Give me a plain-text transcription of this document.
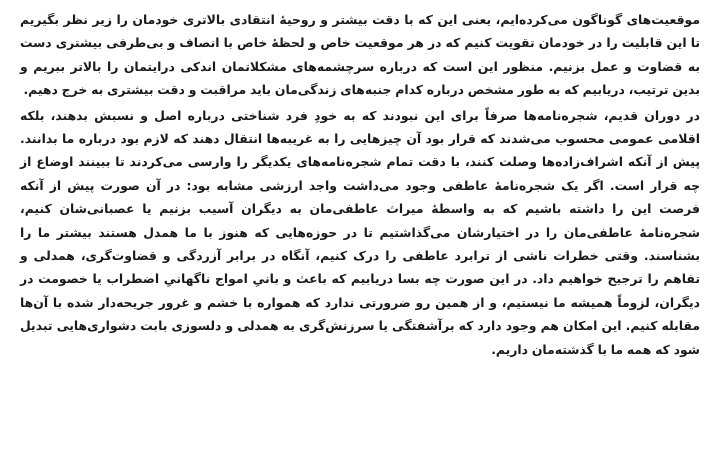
موقعیت‌های گوناگون می‌کرده‌ایم، یعنی این که با دقت بیشتر و روحیهٔ انتقادی بالاتری خودمان را زیر نظر بگیریم تا این قابلیت را در خودمان تقویت کنیم که در هر موقعیت خاص و لحظهٔ خاص با انصاف و بی‌طرفی بیشتری دست به قضاوت و عمل بزنیم. منظور این است که درباره سرچشمه‌های مشکلاتمان اندکی درایتمان را بالاتر ببریم و بدین ترتیب، دریابیم که به طور مشخص درباره کدام جنبه‌های زندگی‌مان باید مراقبت و دقت بیشتری به خرج دهیم.

در دوران قدیم، شجره‌نامه‌ها صرفاً برای این نبودند که به خودِ فرد شناختی درباره اصل و نسبش بدهند، بلکه اقلامی عمومی محسوب می‌شدند که قرار بود آن چیزهایی را به غریبه‌ها انتقال دهند که لازم بود درباره ما بدانند. پیش از آنکه اشراف‌زاده‌ها وصلت کنند، با دقت تمام شجره‌نامه‌های یکدیگر را وارسی می‌کردند تا ببینند اوضاع از چه قرار است. اگر یک شجره‌نامهٔ عاطفی وجود می‌داشت واجد ارزشی مشابه بود: در آن صورت پیش از آنکه فرصت این را داشته باشیم که به واسطهٔ میراث عاطفی‌مان به دیگران آسیب بزنیم یا عصبانی‌شان کنیم، شجره‌نامهٔ عاطفی‌مان را در اختیارشان می‌گذاشتیم تا در حوزه‌هایی که هنوز با ما همدل هستند بیشتر ما را بشناسند. وقتی خطرات ناشی از ترابرد عاطفی را درک کنیم، آنگاه در برابر آزردگی و قضاوت‌گری، همدلی و تفاهم را ترجیح خواهیم داد. در این صورت چه بسا دریابیم که باعث و بانیِ امواج ناگهانیِ اضطراب یا خصومت در دیگران، لزوماً همیشه ما نیستیم، و از همین رو ضرورتی ندارد که همواره با خشم و غرور جریحه‌دار شده با آن‌ها مقابله کنیم. این امکان هم وجود دارد که برآشفتگی یا سرزنش‌گری به همدلی و دلسوزی بابت دشواری‌هایی تبدیل شود که همه ما با گذشته‌مان داریم.
